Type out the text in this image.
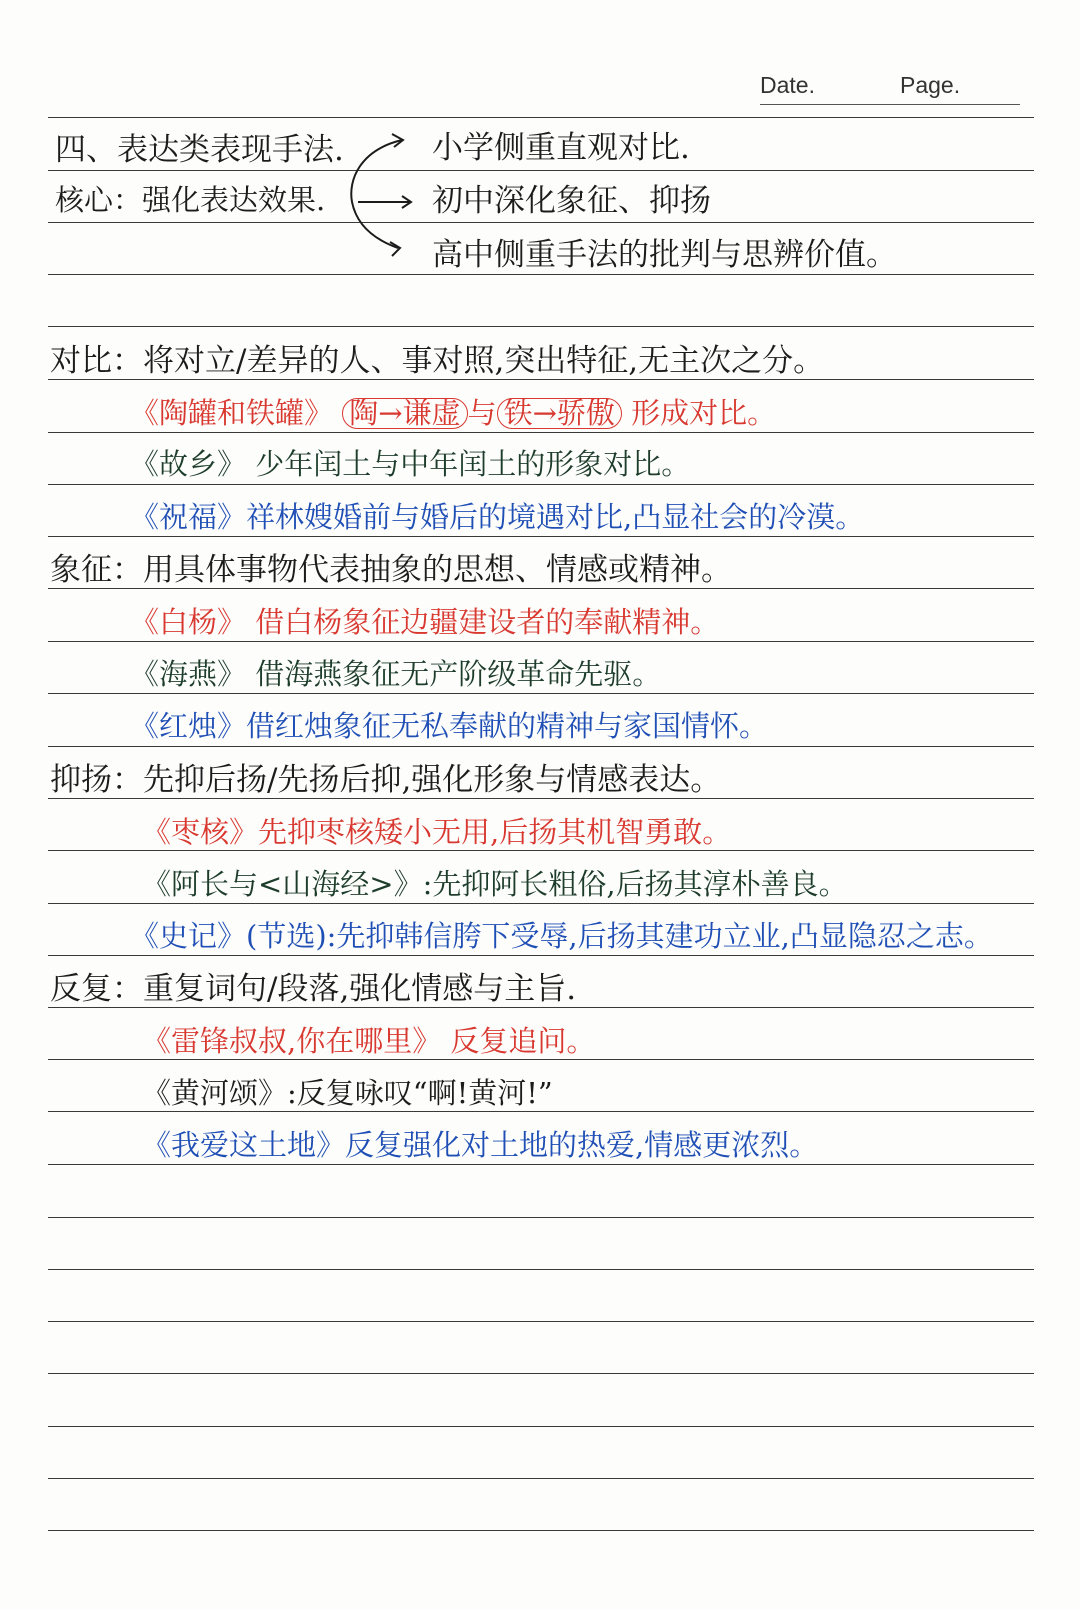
Date.	Page.
四、表达类表现手法.
核心：强化表达效果.
小学侧重直观对比.
初中深化象征、抑扬
高中侧重手法的批判与思辨价值。
对比：将对立/差异的人、事对照,突出特征,无主次之分。
《陶罐和铁罐》 陶→谦虚 与 铁→骄傲 形成对比。
《故乡》 少年闰土与中年闰土的形象对比。
《祝福》祥林嫂婚前与婚后的境遇对比,凸显社会的冷漠。
象征：用具体事物代表抽象的思想、情感或精神。
《白杨》 借白杨象征边疆建设者的奉献精神。
《海燕》 借海燕象征无产阶级革命先驱。
《红烛》借红烛象征无私奉献的精神与家国情怀。
抑扬：先抑后扬/先扬后抑,强化形象与情感表达。
《枣核》先抑枣核矮小无用,后扬其机智勇敢。
《阿长与<山海经>》:先抑阿长粗俗,后扬其淳朴善良。
《史记》(节选):先抑韩信胯下受辱,后扬其建功立业,凸显隐忍之志。
反复：重复词句/段落,强化情感与主旨.
《雷锋叔叔,你在哪里》 反复追问。
《黄河颂》:反复咏叹“啊!黄河!”
《我爱这土地》反复强化对土地的热爱,情感更浓烈。
